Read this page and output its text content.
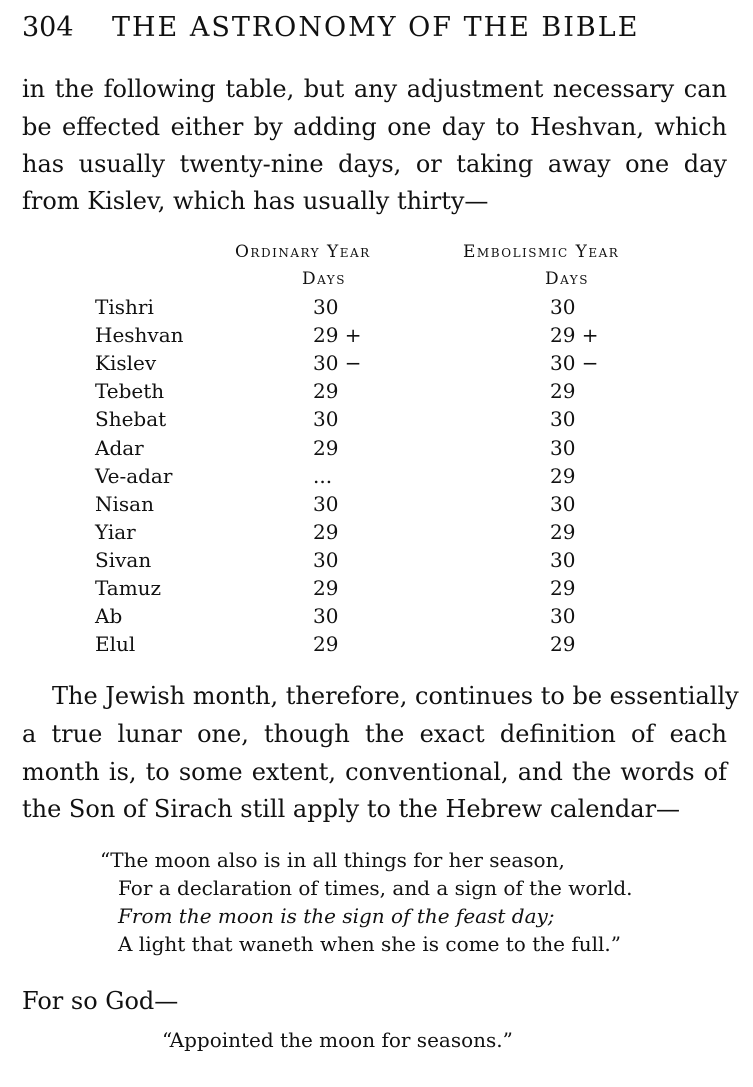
304 THE ASTRONOMY OF THE BIBLE
in the following table, but any adjustment necessary can
be effected either by adding one day to Heshvan, which
has usually twenty-nine days, or taking away one day
from Kislev, which has usually thirty—
Ordinary Year
Days
Embolismic Year
Days
Tishri	30	30
Heshvan	29 +	29 +
Kislev	30 −	30 −
Tebeth	29	29
Shebat	30	30
Adar	29	30
Ve-adar	...	29
Nisan	30	30
Yiar	29	29
Sivan	30	30
Tamuz	29	29
Ab	30	30
Elul	29	29
The Jewish month, therefore, continues to be essentially
a true lunar one, though the exact definition of each
month is, to some extent, conventional, and the words of
the Son of Sirach still apply to the Hebrew calendar—
“The moon also is in all things for her season,
For a declaration of times, and a sign of the world.
From the moon is the sign of the feast day;
A light that waneth when she is come to the full.”
For so God—
“Appointed the moon for seasons.”
